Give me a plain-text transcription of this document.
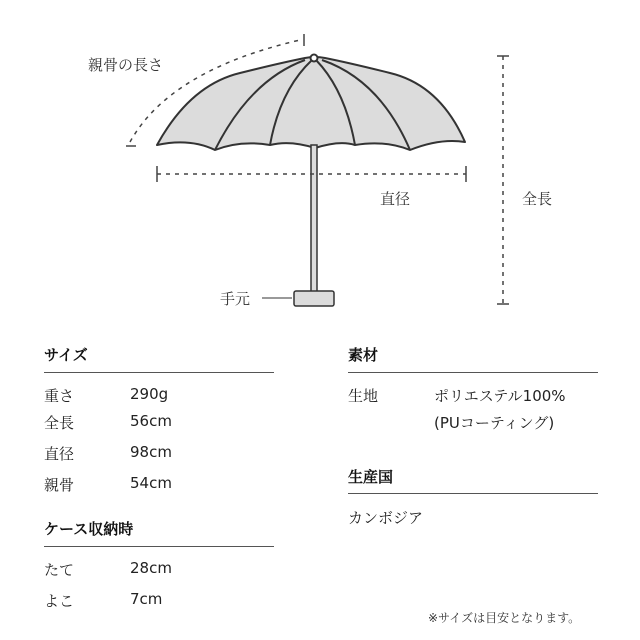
親骨の長さ
直径	全長
手元
サイズ
重さ	290g
全長	56cm
直径	98cm
親骨	54cm
ケース収納時
たて	28cm
よこ	7cm
素材
生地	ポリエステル100%
(PUコーティング)
生産国
カンボジア
※サイズは目安となります。
